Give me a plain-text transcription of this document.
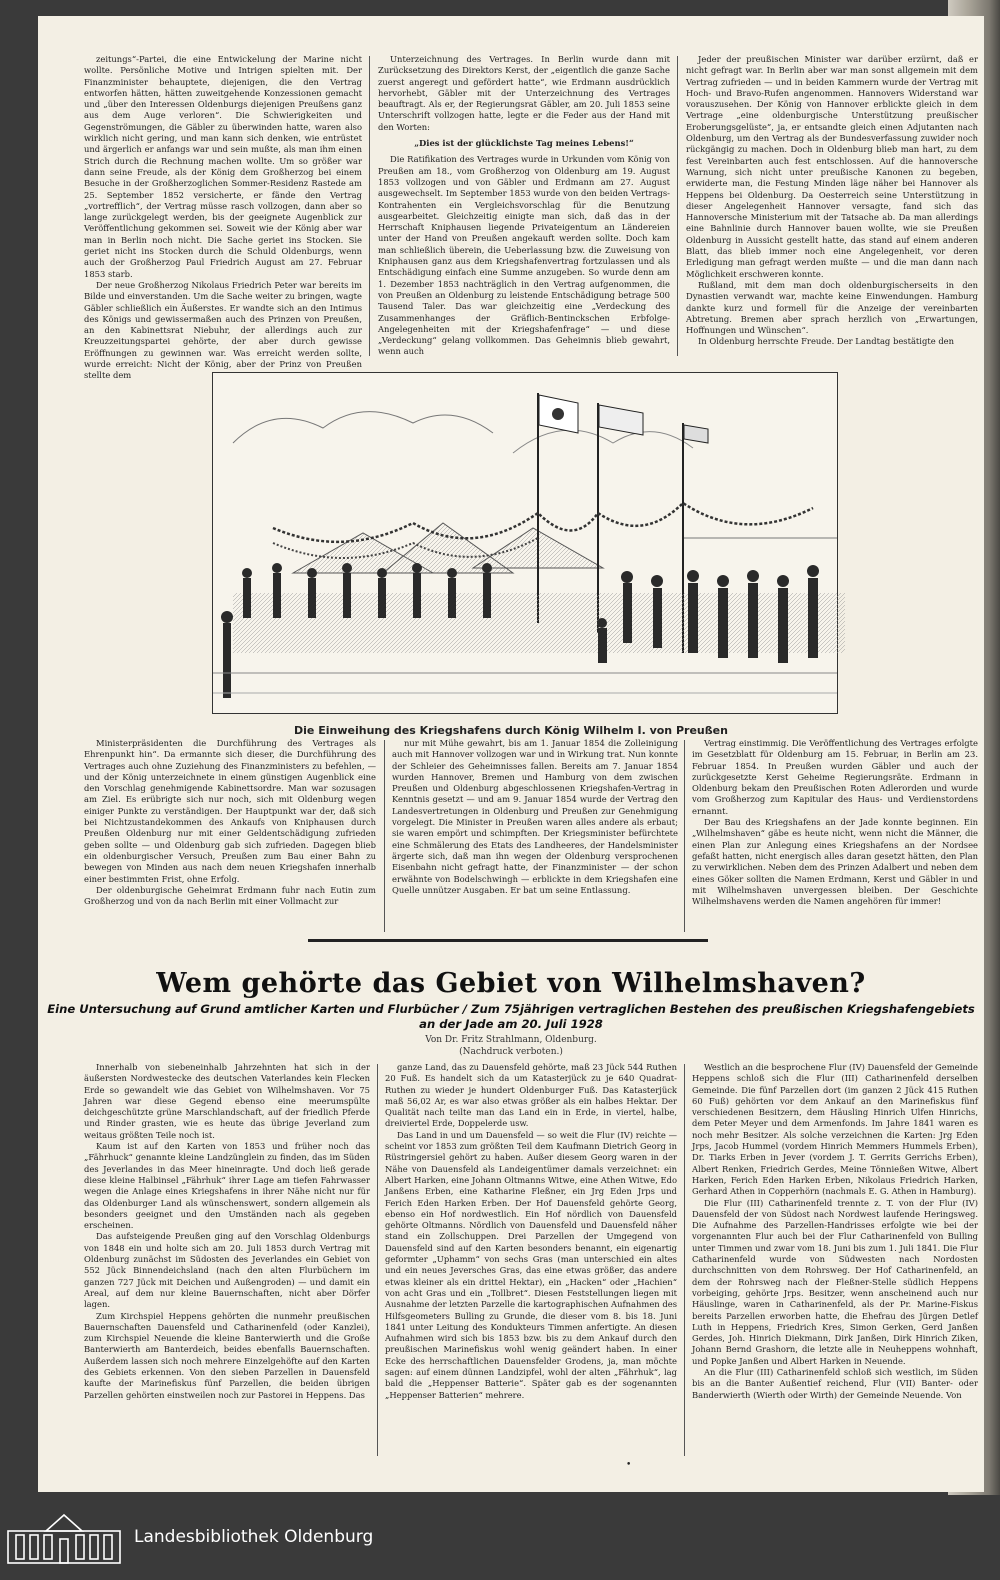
zeitungs“-Partei, die eine Entwickelung der Marine nicht wollte. Persönliche Motive und Intrigen spielten mit. Der Finanzminister behauptete, diejenigen, die den Vertrag entworfen hätten, hätten zuweitgehende Konzessionen gemacht und „über den Interessen Oldenburgs diejenigen Preußens ganz aus dem Auge verloren“. Die Schwierigkeiten und Gegenströmungen, die Gäbler zu überwinden hatte, waren also wirklich nicht gering, und man kann sich denken, wie entrüstet und ärgerlich er anfangs war und sein mußte, als man ihm einen Strich durch die Rechnung machen wollte. Um so größer war dann seine Freude, als der König dem Großherzog bei einem Besuche in der Großherzoglichen Sommer-Residenz Rastede am 25. September 1852 versicherte, er fände den Vertrag „vortrefflich“, der Vertrag müsse rasch vollzogen, dann aber so lange zurückgelegt werden, bis der geeignete Augenblick zur Veröffentlichung gekommen sei. Soweit wie der König aber war man in Berlin noch nicht. Die Sache geriet ins Stocken. Sie geriet nicht ins Stocken durch die Schuld Oldenburgs, wenn auch der Großherzog Paul Friedrich August am 27. Februar 1853 starb.

Der neue Großherzog Nikolaus Friedrich Peter war bereits im Bilde und einverstanden. Um die Sache weiter zu bringen, wagte Gäbler schließlich ein Äußerstes. Er wandte sich an den Intimus des Königs und gewissermaßen auch des Prinzen von Preußen, an den Kabinettsrat Niebuhr, der allerdings auch zur Kreuzzeitungspartei gehörte, der aber durch gewisse Eröffnungen zu gewinnen war. Was erreicht werden sollte, wurde erreicht: Nicht der König, aber der Prinz von Preußen stellte dem

Unterzeichnung des Vertrages. In Berlin wurde dann mit Zurücksetzung des Direktors Kerst, der „eigentlich die ganze Sache zuerst angeregt und gefördert hatte“, wie Erdmann ausdrücklich hervorhebt, Gäbler mit der Unterzeichnung des Vertrages beauftragt. Als er, der Regierungsrat Gäbler, am 20. Juli 1853 seine Unterschrift vollzogen hatte, legte er die Feder aus der Hand mit den Worten:

„Dies ist der glücklichste Tag meines Lebens!“

Die Ratifikation des Vertrages wurde in Urkunden vom König von Preußen am 18., vom Großherzog von Oldenburg am 19. August 1853 vollzogen und von Gäbler und Erdmann am 27. August ausgewechselt. Im September 1853 wurde von den beiden Vertrags-Kontrahenten ein Vergleichsvorschlag für die Benutzung ausgearbeitet. Gleichzeitig einigte man sich, daß das in der Herrschaft Kniphausen liegende Privateigentum an Ländereien unter der Hand von Preußen angekauft werden sollte. Doch kam man schließlich überein, die Ueberlassung bzw. die Zuweisung von Kniphausen ganz aus dem Kriegshafenvertrag fortzulassen und als Entschädigung einfach eine Summe anzugeben. So wurde denn am 1. Dezember 1853 nachträglich in den Vertrag aufgenommen, die von Preußen an Oldenburg zu leistende Entschädigung betrage 500 Tausend Taler. Das war gleichzeitig eine „Verdeckung des Zusammenhanges der Gräflich-Bentinckschen Erbfolge-Angelegenheiten mit der Kriegshafenfrage“ — und diese „Verdeckung“ gelang vollkommen. Das Geheimnis blieb gewahrt, wenn auch

Jeder der preußischen Minister war darüber erzürnt, daß er nicht gefragt war. In Berlin aber war man sonst allgemein mit dem Vertrag zufrieden — und in beiden Kammern wurde der Vertrag mit Hoch- und Bravo-Rufen angenommen. Hannovers Widerstand war vorauszusehen. Der König von Hannover erblickte gleich in dem Vertrage „eine oldenburgische Unterstützung preußischer Eroberungsgelüste“, ja, er entsandte gleich einen Adjutanten nach Oldenburg, um den Vertrag als der Bundesverfassung zuwider noch rückgängig zu machen. Doch in Oldenburg blieb man hart, zu dem fest Vereinbarten auch fest entschlossen. Auf die hannoversche Warnung, sich nicht unter preußische Kanonen zu begeben, erwiderte man, die Festung Minden läge näher bei Hannover als Heppens bei Oldenburg. Da Oesterreich seine Unterstützung in dieser Angelegenheit Hannover versagte, fand sich das Hannoversche Ministerium mit der Tatsache ab. Da man allerdings eine Bahnlinie durch Hannover bauen wollte, wie sie Preußen Oldenburg in Aussicht gestellt hatte, das stand auf einem anderen Blatt, das blieb immer noch eine Angelegenheit, vor deren Erledigung man gefragt werden mußte — und die man dann nach Möglichkeit erschweren konnte.

Rußland, mit dem man doch oldenburgischerseits in den Dynastien verwandt war, machte keine Einwendungen. Hamburg dankte kurz und formell für die Anzeige der vereinbarten Abtretung. Bremen aber sprach herzlich von „Erwartungen, Hoffnungen und Wünschen“.

In Oldenburg herrschte Freude. Der Landtag bestätigte den

Die Einweihung des Kriegshafens durch König Wilhelm I. von Preußen

Ministerpräsidenten die Durchführung des Vertrages als Ehrenpunkt hin“. Da ermannte sich dieser, die Durchführung des Vertrages auch ohne Zuziehung des Finanzministers zu befehlen, — und der König unterzeichnete in einem günstigen Augenblick eine den Vorschlag genehmigende Kabinettsordre. Man war sozusagen am Ziel. Es erübrigte sich nur noch, sich mit Oldenburg wegen einiger Punkte zu verständigen. Der Hauptpunkt war der, daß sich bei Nichtzustandekommen des Ankaufs von Kniphausen durch Preußen Oldenburg nur mit einer Geldentschädigung zufrieden geben sollte — und Oldenburg gab sich zufrieden. Dagegen blieb ein oldenburgischer Versuch, Preußen zum Bau einer Bahn zu bewegen von Minden aus nach dem neuen Kriegshafen innerhalb einer bestimmten Frist, ohne Erfolg.

Der oldenburgische Geheimrat Erdmann fuhr nach Eutin zum Großherzog und von da nach Berlin mit einer Vollmacht zur

nur mit Mühe gewahrt, bis am 1. Januar 1854 die Zolleinigung auch mit Hannover vollzogen war und in Wirkung trat. Nun konnte der Schleier des Geheimnisses fallen. Bereits am 7. Januar 1854 wurden Hannover, Bremen und Hamburg von dem zwischen Preußen und Oldenburg abgeschlossenen Kriegshafen-Vertrag in Kenntnis gesetzt — und am 9. Januar 1854 wurde der Vertrag den Landesvertretungen in Oldenburg und Preußen zur Genehmigung vorgelegt. Die Minister in Preußen waren alles andere als erbaut; sie waren empört und schimpften. Der Kriegsminister befürchtete eine Schmälerung des Etats des Landheeres, der Handelsminister ärgerte sich, daß man ihn wegen der Oldenburg versprochenen Eisenbahn nicht gefragt hatte, der Finanzminister — der schon erwähnte von Bodelschwingh — erblickte in dem Kriegshafen eine Quelle unnützer Ausgaben. Er bat um seine Entlassung.

Vertrag einstimmig. Die Veröffentlichung des Vertrages erfolgte im Gesetzblatt für Oldenburg am 15. Februar, in Berlin am 23. Februar 1854. In Preußen wurden Gäbler und auch der zurückgesetzte Kerst Geheime Regierungsräte. Erdmann in Oldenburg bekam den Preußischen Roten Adlerorden und wurde vom Großherzog zum Kapitular des Haus- und Verdienstordens ernannt.

Der Bau des Kriegshafens an der Jade konnte beginnen. Ein „Wilhelmshaven“ gäbe es heute nicht, wenn nicht die Männer, die einen Plan zur Anlegung eines Kriegshafens an der Nordsee gefaßt hatten, nicht energisch alles daran gesetzt hätten, den Plan zu verwirklichen. Neben dem des Prinzen Adalbert und neben dem eines Göker sollten die Namen Erdmann, Kerst und Gäbler in und mit Wilhelmshaven unvergessen bleiben. Der Geschichte Wilhelmshavens werden die Namen angehören für immer!

Wem gehörte das Gebiet von Wilhelmshaven?
Eine Untersuchung auf Grund amtlicher Karten und Flurbücher / Zum 75jährigen vertraglichen Bestehen des preußischen Kriegshafengebiets an der Jade am 20. Juli 1928
Von Dr. Fritz Strahlmann, Oldenburg.
(Nachdruck verboten.)

Innerhalb von siebeneinhalb Jahrzehnten hat sich in der äußersten Nordwestecke des deutschen Vaterlandes kein Flecken Erde so gewandelt wie das Gebiet von Wilhelmshaven. Vor 75 Jahren war diese Gegend ebenso eine meerumspülte deichgeschützte grüne Marschlandschaft, auf der friedlich Pferde und Rinder grasten, wie es heute das übrige Jeverland zum weitaus größten Teile noch ist.

Kaum ist auf den Karten von 1853 und früher noch das „Fährhuck“ genannte kleine Landzünglein zu finden, das im Süden des Jeverlandes in das Meer hineinragte. Und doch ließ gerade diese kleine Halbinsel „Fährhuk“ ihrer Lage am tiefen Fahrwasser wegen die Anlage eines Kriegshafens in ihrer Nähe nicht nur für das Oldenburger Land als wünschenswert, sondern allgemein als besonders geeignet und den Umständen nach als gegeben erscheinen.

Das aufsteigende Preußen ging auf den Vorschlag Oldenburgs von 1848 ein und holte sich am 20. Juli 1853 durch Vertrag mit Oldenburg zunächst im Südosten des Jeverlandes ein Gebiet von 552 Jück Binnendeichsland (nach den alten Flurbüchern im ganzen 727 Jück mit Deichen und Außengroden) — und damit ein Areal, auf dem nur kleine Bauernschaften, nicht aber Dörfer lagen.

Zum Kirchspiel Heppens gehörten die nunmehr preußischen Bauernschaften Dauensfeld und Catharinenfeld (oder Kanzlei), zum Kirchspiel Neuende die kleine Banterwierth und die Große Banterwierth am Banterdeich, beides ebenfalls Bauernschaften. Außerdem lassen sich noch mehrere Einzelgehöfte auf den Karten des Gebiets erkennen. Von den sieben Parzellen in Dauensfeld kaufte der Marinefiskus fünf Parzellen, die beiden übrigen Parzellen gehörten einstweilen noch zur Pastorei in Heppens. Das

ganze Land, das zu Dauensfeld gehörte, maß 23 Jück 544 Ruthen 20 Fuß. Es handelt sich da um Katasterjück zu je 640 Quadrat-Ruthen zu wieder je hundert Oldenburger Fuß. Das Katasterjück maß 56,02 Ar, es war also etwas größer als ein halbes Hektar. Der Qualität nach teilte man das Land ein in Erde, in viertel, halbe, dreiviertel Erde, Doppelerde usw.

Das Land in und um Dauensfeld — so weit die Flur (IV) reichte — scheint vor 1853 zum größten Teil dem Kaufmann Dietrich Georg in Rüstringersiel gehört zu haben. Außer diesem Georg waren in der Nähe von Dauensfeld als Landeigentümer damals verzeichnet: ein Albert Harken, eine Johann Oltmanns Witwe, eine Athen Witwe, Edo Janßens Erben, eine Katharine Fleßner, ein Jrg Eden Jrps und Ferich Eden Harken Erben. Der Hof Dauensfeld gehörte Georg, ebenso ein Hof nordwestlich. Ein Hof nördlich von Dauensfeld gehörte Oltmanns. Nördlich von Dauensfeld und Dauensfeld näher stand ein Zollschuppen. Drei Parzellen der Umgegend von Dauensfeld sind auf den Karten besonders benannt, ein eigenartig geformter „Uphamm“ von sechs Gras (man unterschied ein altes und ein neues Jeversches Gras, das eine etwas größer, das andere etwas kleiner als ein drittel Hektar), ein „Hacken“ oder „Hachien“ von acht Gras und ein „Tollbret“. Diesen Feststellungen liegen mit Ausnahme der letzten Parzelle die kartographischen Aufnahmen des Hilfsgeometers Bulling zu Grunde, die dieser vom 8. bis 18. Juni 1841 unter Leitung des Kondukteurs Timmen anfertigte. An diesen Aufnahmen wird sich bis 1853 bzw. bis zu dem Ankauf durch den preußischen Marinefiskus wohl wenig geändert haben. In einer Ecke des herrschaftlichen Dauensfelder Grodens, ja, man möchte sagen: auf einem dünnen Landzipfel, wohl der alten „Fährhuk“, lag bald die „Heppenser Batterie“. Später gab es der sogenannten „Heppenser Batterien“ mehrere.

Westlich an die besprochene Flur (IV) Dauensfeld der Gemeinde Heppens schloß sich die Flur (III) Catharinenfeld derselben Gemeinde. Die fünf Parzellen dort (im ganzen 2 Jück 415 Ruthen 60 Fuß) gehörten vor dem Ankauf an den Marinefiskus fünf verschiedenen Besitzern, dem Häusling Hinrich Ulfen Hinrichs, dem Peter Meyer und dem Armenfonds. Im Jahre 1841 waren es noch mehr Besitzer. Als solche verzeichnen die Karten: Jrg Eden Jrps, Jacob Hummel (vordem Hinrich Memmers Hummels Erben), Dr. Tiarks Erben in Jever (vordem J. T. Gerrits Gerrichs Erben), Albert Renken, Friedrich Gerdes, Meine Tönnießen Witwe, Albert Harken, Ferich Eden Harken Erben, Nikolaus Friedrich Harken, Gerhard Athen in Copperhörn (nachmals E. G. Athen in Hamburg).

Die Flur (III) Catharinenfeld trennte z. T. von der Flur (IV) Dauensfeld der von Südost nach Nordwest laufende Heringsweg. Die Aufnahme des Parzellen-Handrisses erfolgte wie bei der vorgenannten Flur auch bei der Flur Catharinenfeld von Bulling unter Timmen und zwar vom 18. Juni bis zum 1. Juli 1841. Die Flur Catharinenfeld wurde von Südwesten nach Nordosten durchschnitten von dem Rohrsweg. Der Hof Catharinenfeld, an dem der Rohrsweg nach der Fleßner-Stelle südlich Heppens vorbeiging, gehörte Jrps. Besitzer, wenn anscheinend auch nur Häuslinge, waren in Catharinenfeld, als der Pr. Marine-Fiskus bereits Parzellen erworben hatte, die Ehefrau des Jürgen Detlef Luth in Heppens, Friedrich Kres, Simon Gerken, Gerd Janßen Gerdes, Joh. Hinrich Diekmann, Dirk Janßen, Dirk Hinrich Ziken, Johann Bernd Grashorn, die letzte alle in Neuheppens wohnhaft, und Popke Janßen und Albert Harken in Neuende.

An die Flur (III) Catharinenfeld schloß sich westlich, im Süden bis an die Banter Außentief reichend, Flur (VII) Banter- oder Banderwierth (Wierth oder Wirth) der Gemeinde Neuende. Von

•
Landesbibliothek Oldenburg
